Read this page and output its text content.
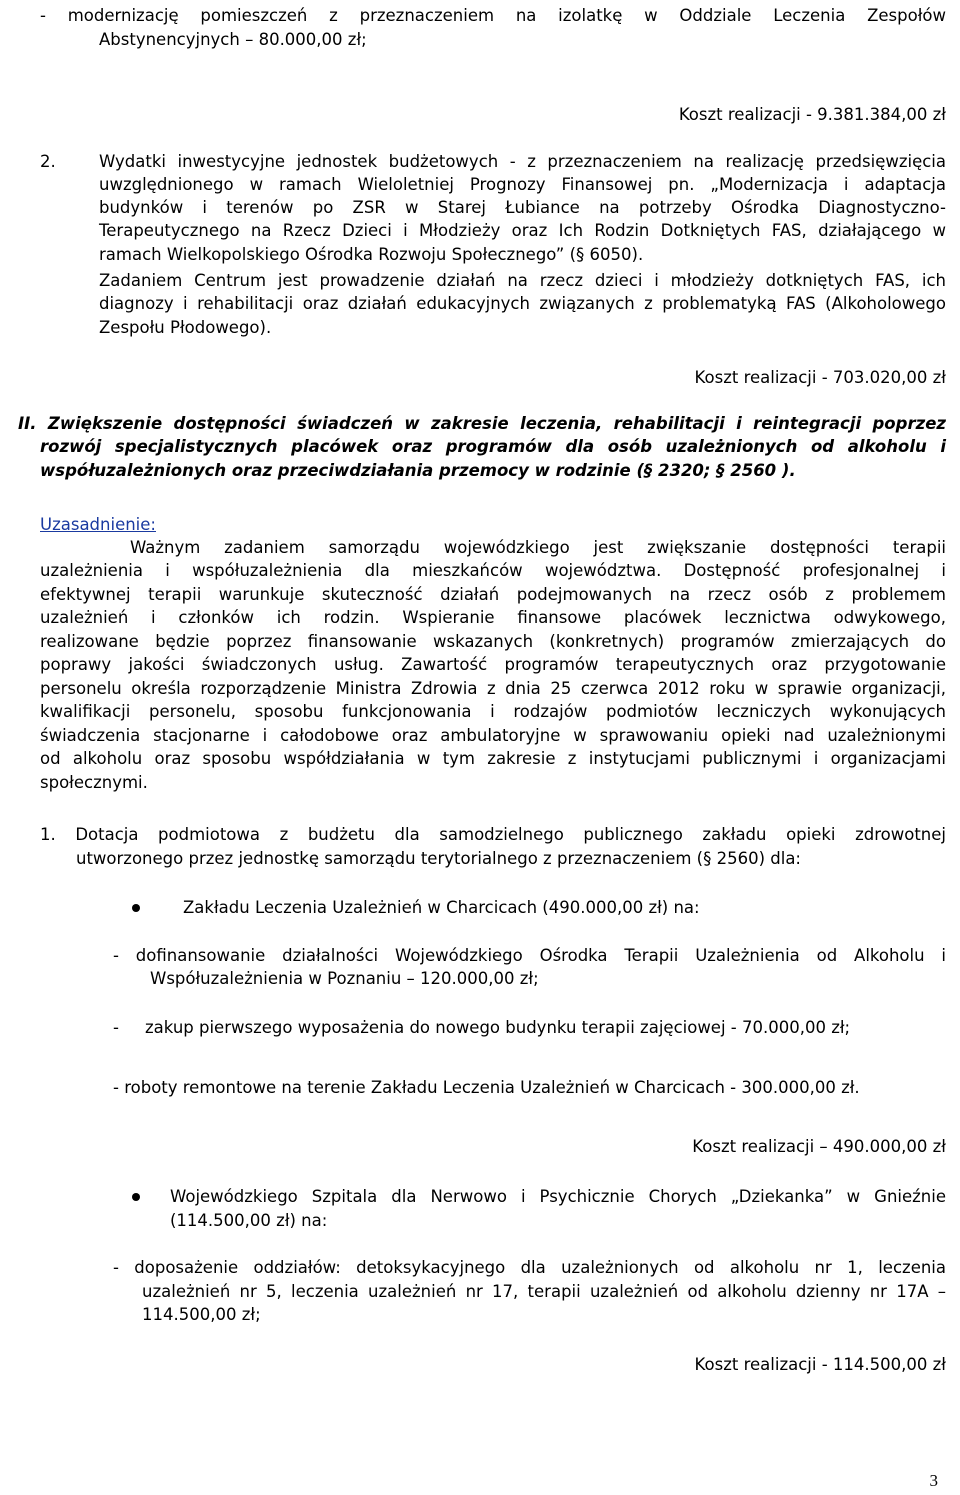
- modernizację pomieszczeń z przeznaczeniem na izolatkę w Oddziale Leczenia Zespołów
Abstynencyjnych – 80.000,00 zł;
Koszt realizacji - 9.381.384,00 zł
2.	Wydatki inwestycyjne jednostek budżetowych - z przeznaczeniem na realizację przedsięwzięcia
uwzględnionego w ramach Wieloletniej Prognozy Finansowej pn. „Modernizacja i adaptacja
budynków i terenów po ZSR w Starej Łubiance na potrzeby Ośrodka Diagnostyczno-
Terapeutycznego na Rzecz Dzieci i Młodzieży oraz Ich Rodzin Dotkniętych FAS, działającego w
ramach Wielkopolskiego Ośrodka Rozwoju Społecznego” (§ 6050).
Zadaniem Centrum jest prowadzenie działań na rzecz dzieci i młodzieży dotkniętych FAS, ich
diagnozy i rehabilitacji oraz działań edukacyjnych związanych z problematyką FAS (Alkoholowego
Zespołu Płodowego).
Koszt realizacji - 703.020,00 zł
II. Zwiększenie dostępności świadczeń w zakresie leczenia, rehabilitacji i reintegracji poprzez
rozwój specjalistycznych placówek oraz programów dla osób uzależnionych od alkoholu i
współuzależnionych oraz przeciwdziałania przemocy w rodzinie (§ 2320; § 2560 ).
Uzasadnienie:
Ważnym zadaniem samorządu wojewódzkiego jest zwiększanie dostępności terapii
uzależnienia i współuzależnienia dla mieszkańców województwa. Dostępność profesjonalnej i
efektywnej terapii warunkuje skuteczność działań podejmowanych na rzecz osób z problemem
uzależnień i członków ich rodzin. Wspieranie finansowe placówek lecznictwa odwykowego,
realizowane będzie poprzez finansowanie wskazanych (konkretnych) programów zmierzających do
poprawy jakości świadczonych usług. Zawartość programów terapeutycznych oraz przygotowanie
personelu określa rozporządzenie Ministra Zdrowia z dnia 25 czerwca 2012 roku w sprawie organizacji,
kwalifikacji personelu, sposobu funkcjonowania i rodzajów podmiotów leczniczych wykonujących
świadczenia stacjonarne i całodobowe oraz ambulatoryjne w sprawowaniu opieki nad uzależnionymi
od alkoholu oraz sposobu współdziałania w tym zakresie z instytucjami publicznymi i organizacjami
społecznymi.
1. Dotacja podmiotowa z budżetu dla samodzielnego publicznego zakładu opieki zdrowotnej
utworzonego przez jednostkę samorządu terytorialnego z przeznaczeniem (§ 2560) dla:
Zakładu Leczenia Uzależnień w Charcicach (490.000,00 zł) na:
- dofinansowanie działalności Wojewódzkiego Ośrodka Terapii Uzależnienia od Alkoholu i
Współuzależnienia w Poznaniu – 120.000,00 zł;
- zakup pierwszego wyposażenia do nowego budynku terapii zajęciowej - 70.000,00 zł;
- roboty remontowe na terenie Zakładu Leczenia Uzależnień w Charcicach - 300.000,00 zł.
Koszt realizacji – 490.000,00 zł
Wojewódzkiego Szpitala dla Nerwowo i Psychicznie Chorych „Dziekanka” w Gnieźnie
(114.500,00 zł) na:
- doposażenie oddziałów: detoksykacyjnego dla uzależnionych od alkoholu nr 1, leczenia
uzależnień nr 5, leczenia uzależnień nr 17, terapii uzależnień od alkoholu dzienny nr 17A –
114.500,00 zł;
Koszt realizacji - 114.500,00 zł
3
